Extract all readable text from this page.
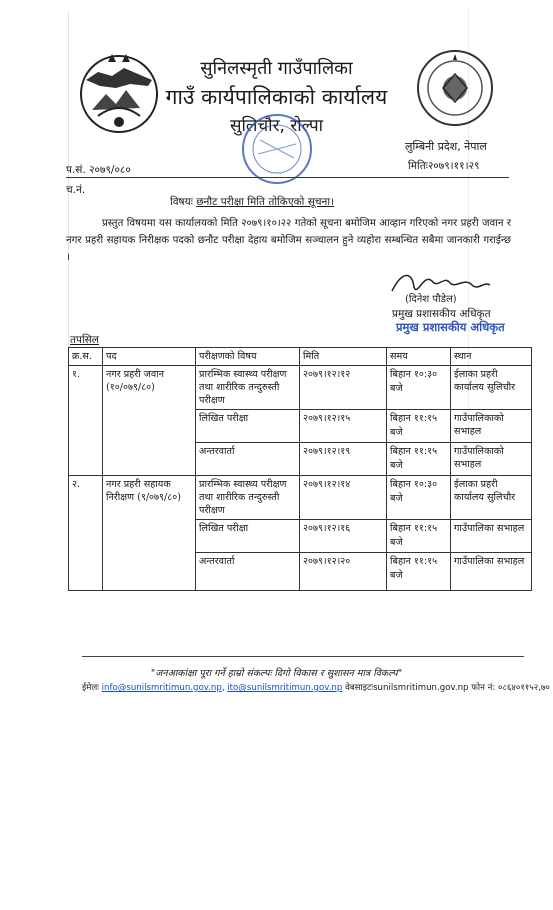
सुनिलस्मृती गाउँपालिका
गाउँ कार्यपालिकाको कार्यालय
सुलिचौर, रोल्पा
लुम्बिनी प्रदेश, नेपाल
प.सं. २०७९/०८०	मितिः२०७९।११।२९
च.नं.
विषयः छनौट परीक्षा मिति तोकिएको सूचना।
प्रस्तुत विषयमा यस कार्यालयको मिति २०७९।१०।२२ गतेको सूचना बमोजिम आव्हान गरिएको नगर प्रहरी जवान र नगर प्रहरी सहायक निरीक्षक पदको छनौट परीक्षा देहाय बमोजिम सञ्चालन हुने व्यहोरा सम्बन्धित सबैमा जानकारी गराईन्छ ।
(दिनेश पौडेल)
प्रमुख प्रशासकीय अधिकृत
प्रमुख प्रशासकीय अधिकृत
तपसिल
क्र.स.	पद	परीक्षणको विषय	मिति	समय	स्थान
१.	नगर प्रहरी जवान (१०/०७९/८०)	प्रारम्भिक स्वास्थ्य परीक्षण तथा शारीरिक तन्दुरुस्ती परीक्षण	२०७९।१२।१२	बिहान १०:३० बजे	ईलाका प्रहरी कार्यालय सुलिचौर
		लिखित परीक्षा	२०७९।१२।१५	बिहान ११:१५ बजे	गाउँपालिकाको सभाहल
		अन्तरवार्ता	२०७९।१२।१९	बिहान ११:१५ बजे	गाउँपालिकाको सभाहल
२.	नगर प्रहरी सहायक निरीक्षण (९/०७९/८०)	प्रारम्भिक स्वास्थ्य परीक्षण तथा शारीरिक तन्दुरुस्ती परीक्षण	२०७९।१२।१४	बिहान १०:३० बजे	ईलाका प्रहरी कार्यालय सुलिचौर
		लिखित परीक्षा	२०७९।१२।१६	बिहान ११:१५ बजे	गाउँपालिका सभाहल
		अन्तरवार्ता	२०७९।१२।२०	बिहान ११:१५ बजे	गाउँपालिका सभाहल
"जनआकांक्षा पूरा गर्ने हाम्रो संकल्पः दिगो विकास र सुशासन मात्र विकल्प"
ईमेलः info@sunilsmritimun.gov.np, ito@sunilsmritimun.gov.np वेबसाइटःsunilsmritimun.gov.np फोन नं: ०८६४०११५२,७०
